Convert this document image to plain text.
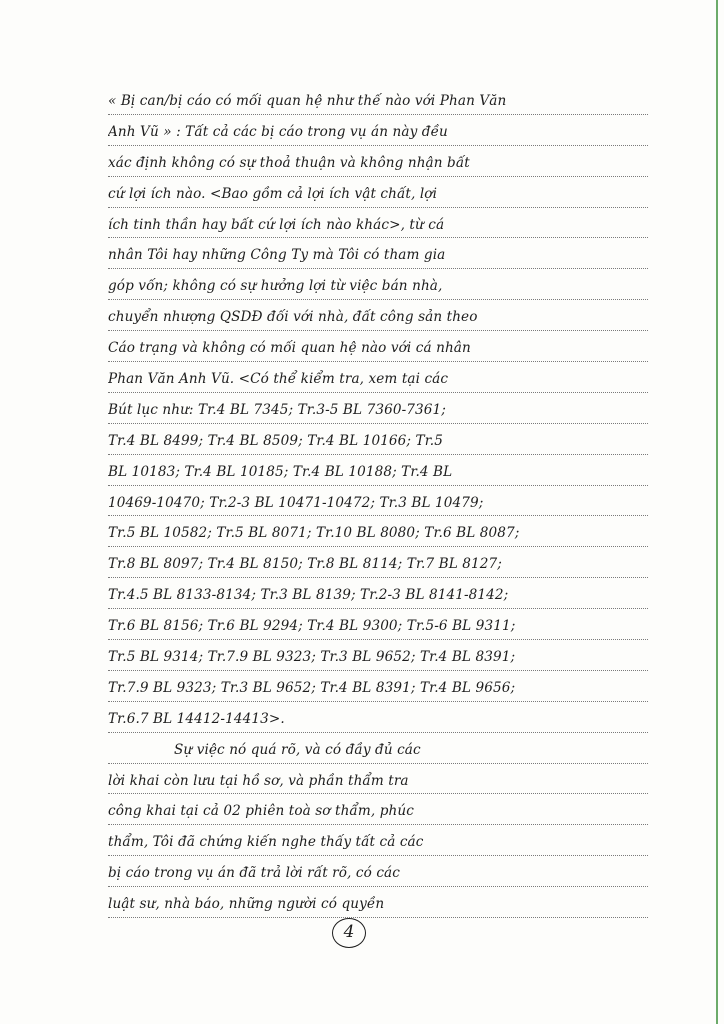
« Bị can/bị cáo có mối quan hệ như thế nào với Phan Văn
Anh Vũ » : Tất cả các bị cáo trong vụ án này đều
xác định không có sự thoả thuận và không nhận bất
cứ lợi ích nào. <Bao gồm cả lợi ích vật chất, lợi
ích tinh thần hay bất cứ lợi ích nào khác>, từ cá
nhân Tôi hay những Công Ty mà Tôi có tham gia
góp vốn; không có sự hưởng lợi từ việc bán nhà,
chuyển nhượng QSDĐ đối với nhà, đất công sản theo
Cáo trạng và không có mối quan hệ nào với cá nhân
Phan Văn Anh Vũ. <Có thể kiểm tra, xem tại các
Bút lục như: Tr.4 BL 7345; Tr.3-5 BL 7360-7361;
Tr.4 BL 8499; Tr.4 BL 8509; Tr.4 BL 10166; Tr.5
BL 10183; Tr.4 BL 10185; Tr.4 BL 10188; Tr.4 BL
10469-10470; Tr.2-3 BL 10471-10472; Tr.3 BL 10479;
Tr.5 BL 10582; Tr.5 BL 8071; Tr.10 BL 8080; Tr.6 BL 8087;
Tr.8 BL 8097; Tr.4 BL 8150; Tr.8 BL 8114; Tr.7 BL 8127;
Tr.4.5 BL 8133-8134; Tr.3 BL 8139; Tr.2-3 BL 8141-8142;
Tr.6 BL 8156; Tr.6 BL 9294; Tr.4 BL 9300; Tr.5-6 BL 9311;
Tr.5 BL 9314; Tr.7.9 BL 9323; Tr.3 BL 9652; Tr.4 BL 8391;
Tr.7.9 BL 9323; Tr.3 BL 9652; Tr.4 BL 8391; Tr.4 BL 9656;
Tr.6.7 BL 14412-14413>.
Sự việc nó quá rõ, và có đầy đủ các
lời khai còn lưu tại hồ sơ, và phần thẩm tra
công khai tại cả 02 phiên toà sơ thẩm, phúc
thẩm, Tôi đã chứng kiến nghe thấy tất cả các
bị cáo trong vụ án đã trả lời rất rõ, có các
luật sư, nhà báo, những người có quyền
4
